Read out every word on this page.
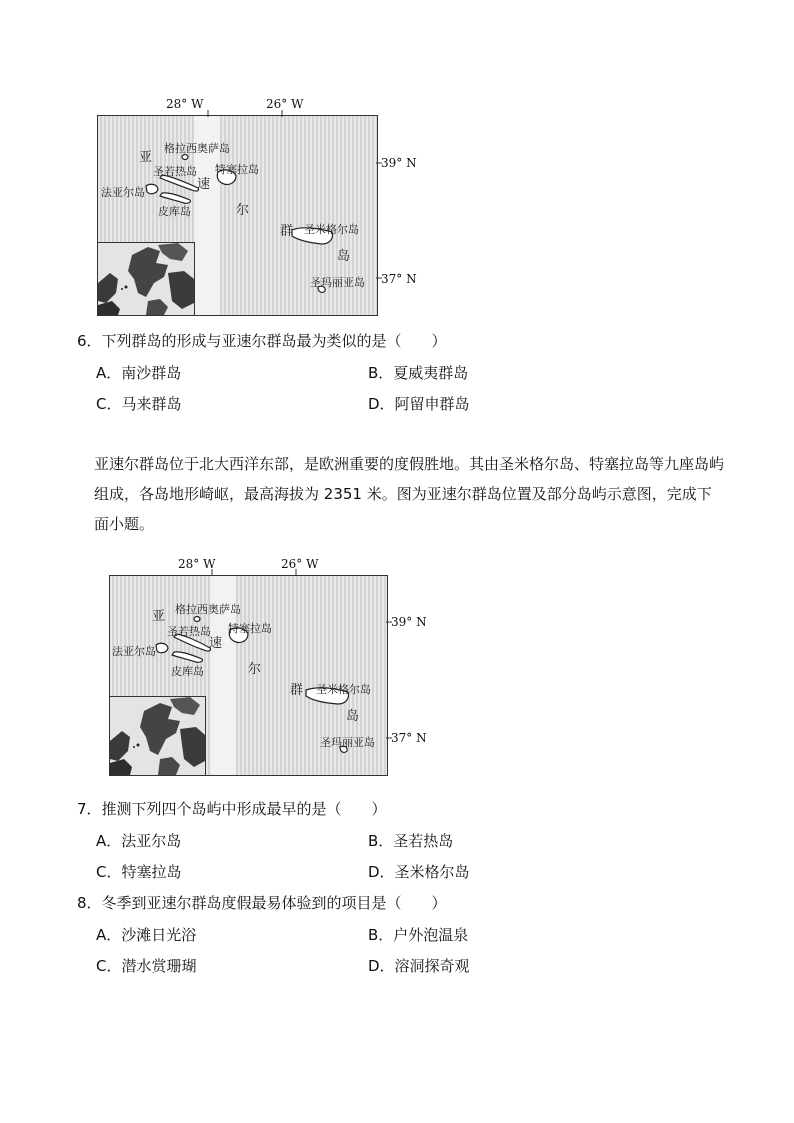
28° W	26° W
39° N
37° N
格拉西奥萨岛
圣若热岛 特塞拉岛
法亚尔岛
皮库岛
圣米格尔岛
圣玛丽亚岛
亚
速
尔
群
岛
6．下列群岛的形成与亚速尔群岛最为类似的是（　　）
A．南沙群岛	B．夏威夷群岛
C．马来群岛	D．阿留申群岛
亚速尔群岛位于北大西洋东部，是欧洲重要的度假胜地。其由圣米格尔岛、特塞拉岛等九座岛屿组成，各岛地形崎岖，最高海拔为 2351 米。图为亚速尔群岛位置及部分岛屿示意图，完成下面小题。
28° W	26° W
39° N
37° N
格拉西奥萨岛
圣若热岛 特塞拉岛
法亚尔岛
皮库岛
圣米格尔岛
圣玛丽亚岛
亚
速
尔
群
岛
7．推测下列四个岛屿中形成最早的是（　　）
A．法亚尔岛	B．圣若热岛
C．特塞拉岛	D．圣米格尔岛
8．冬季到亚速尔群岛度假最易体验到的项目是（　　）
A．沙滩日光浴	B．户外泡温泉
C．潜水赏珊瑚	D．溶洞探奇观
